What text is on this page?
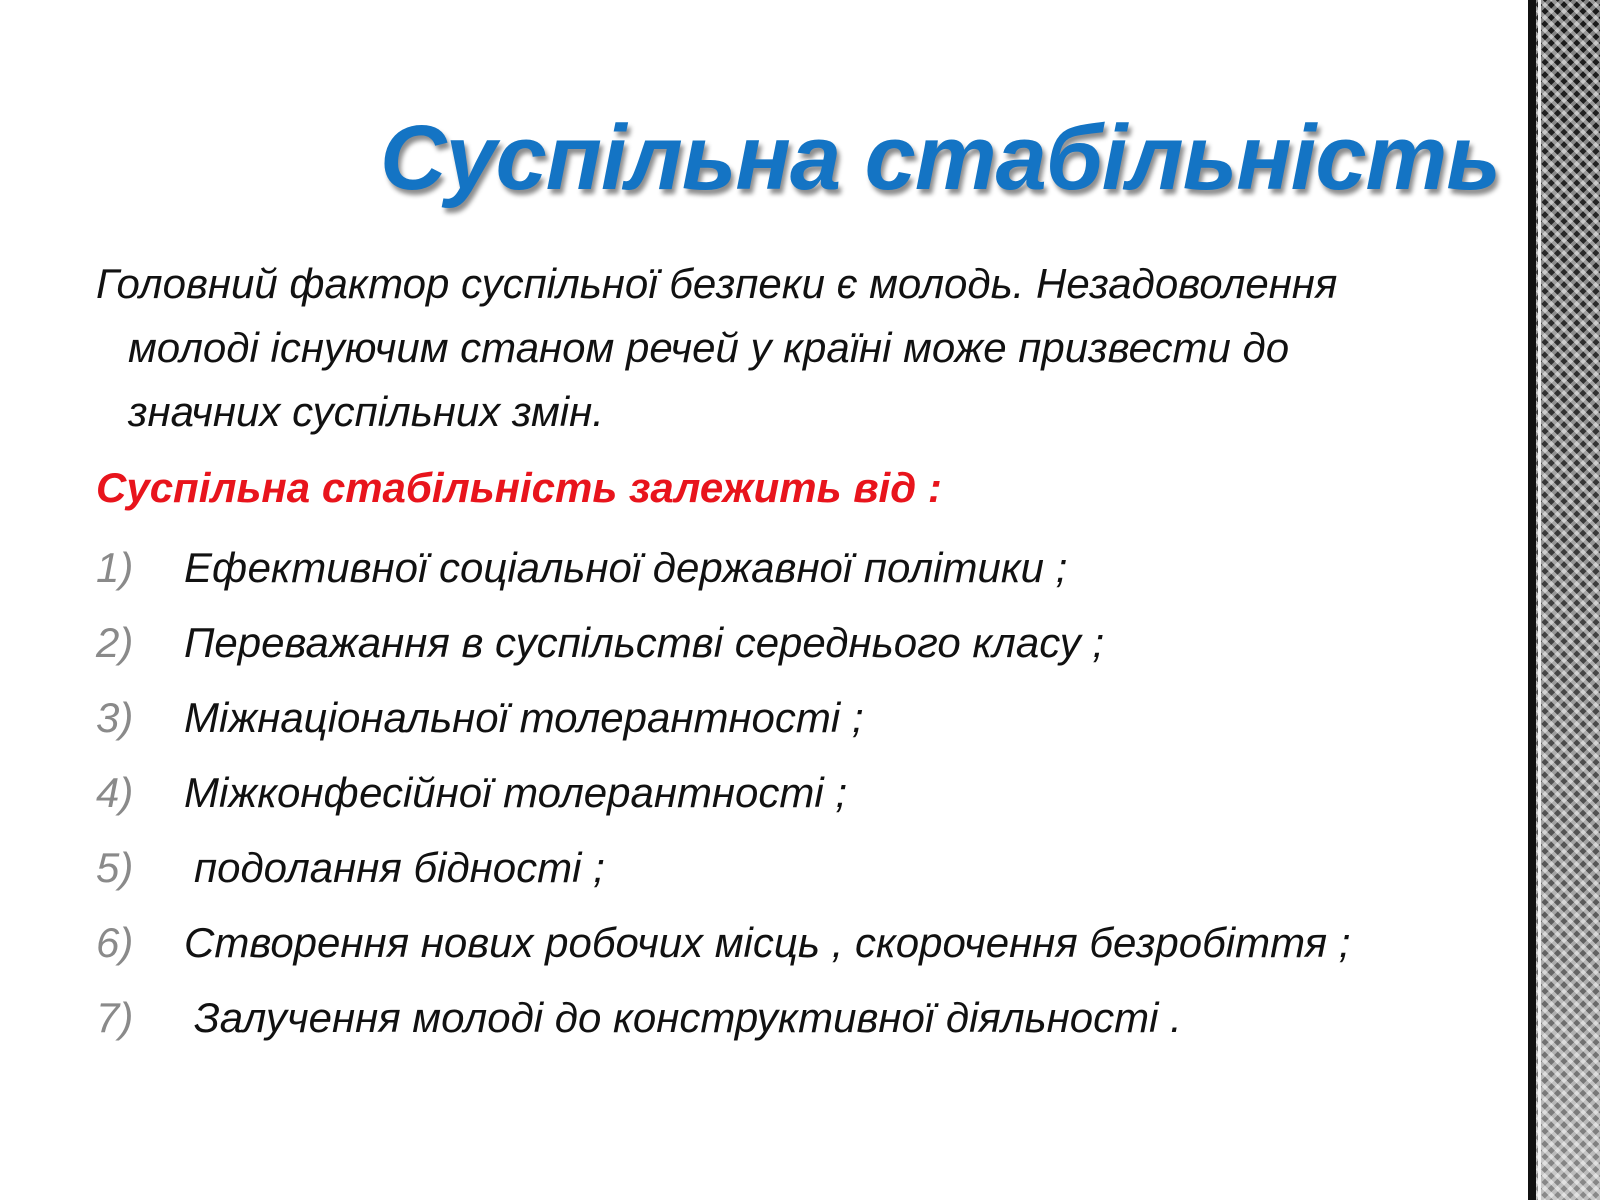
Суспільна стабільність

Головний фактор суспільної безпеки є молодь. Незадоволення молоді існуючим станом речей у країні може призвести до значних суспільних змін.

Суспільна стабільність залежить від :

1)	Ефективної соціальної державної політики ;
2)	Переважання в суспільстві середнього класу ;
3)	Міжнаціональної толерантності ;
4)	Міжконфесійної толерантності ;
5)	подолання бідності ;
6)	Створення нових робочих місць , скорочення безробіття ;
7)	Залучення молоді до конструктивної діяльності .
